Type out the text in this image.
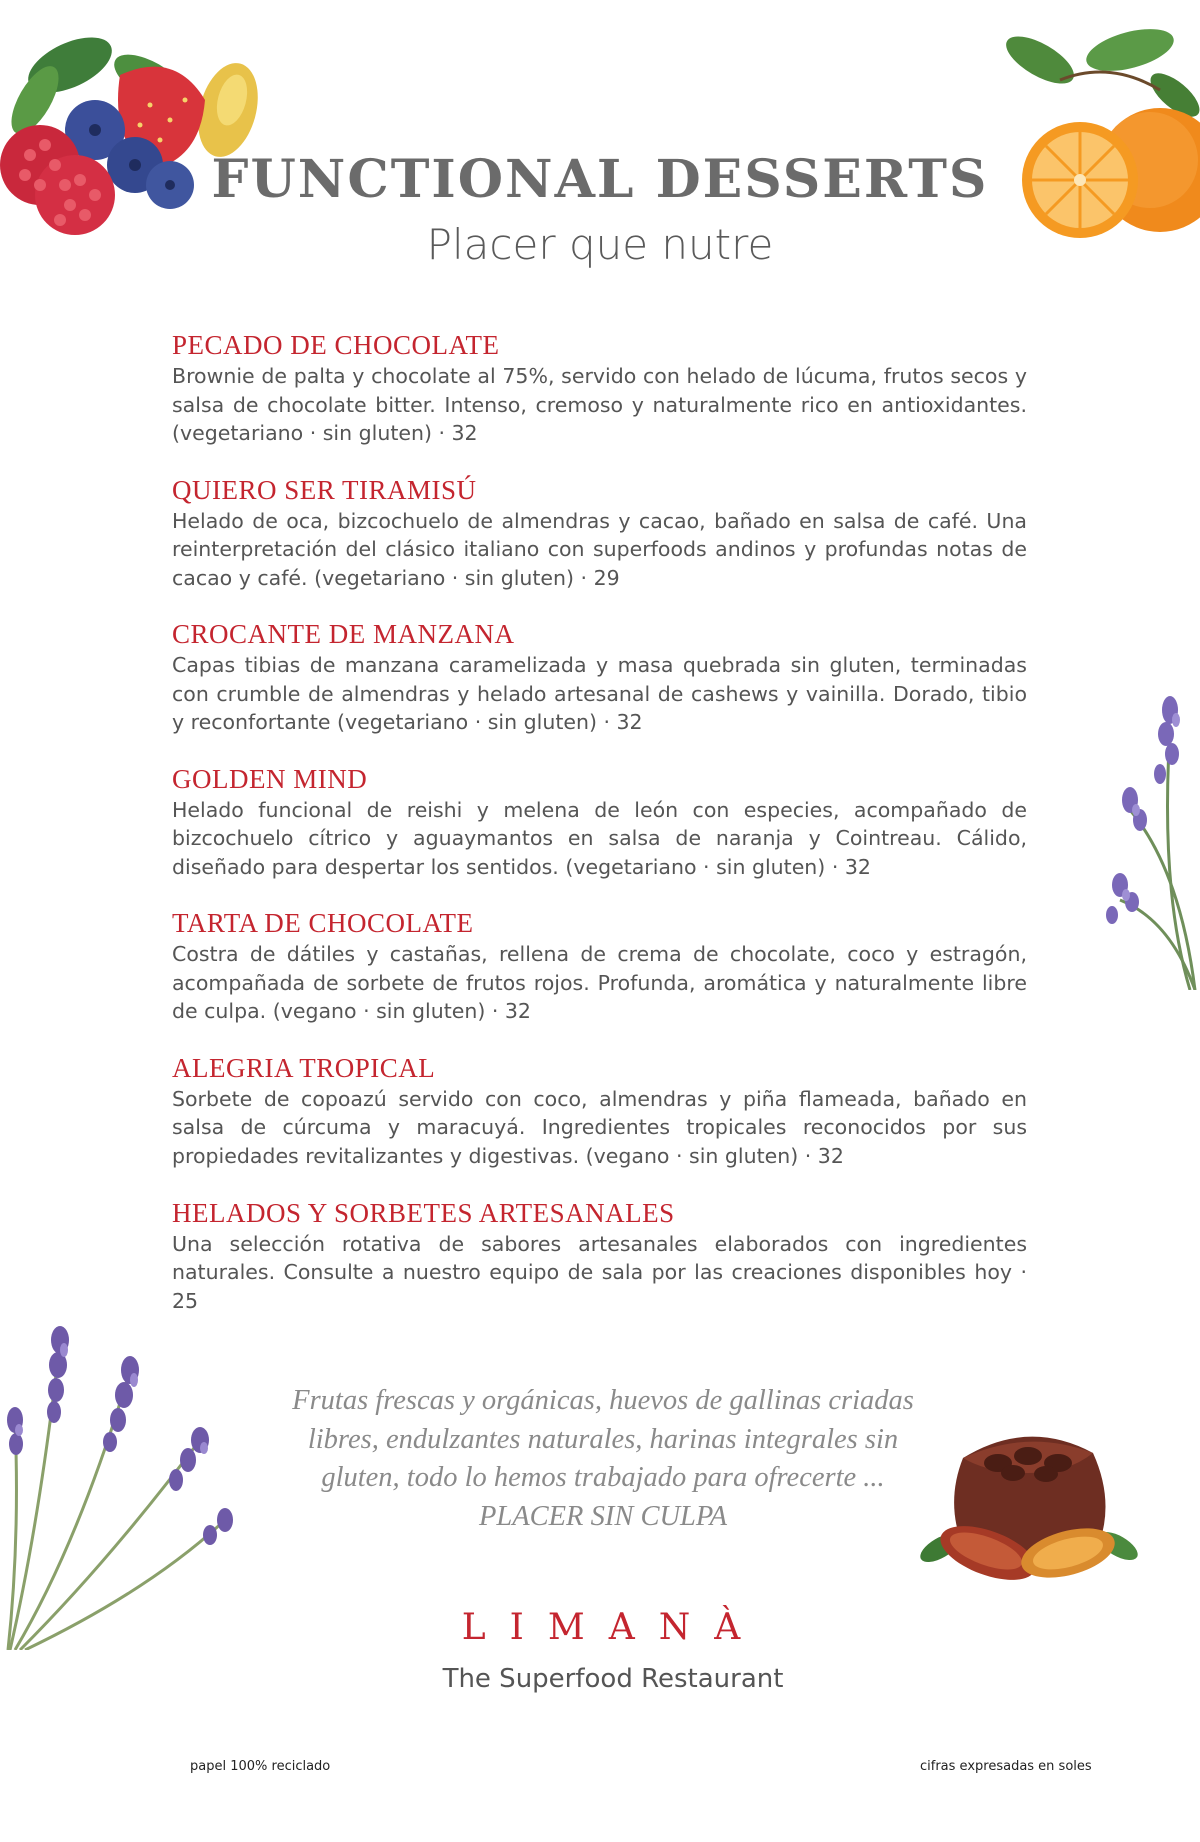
FUNCTIONAL DESSERTS
Placer que nutre
PECADO DE CHOCOLATE
Brownie de palta y chocolate al 75%, servido con helado de lúcuma, frutos secos y salsa de chocolate bitter. Intenso, cremoso y naturalmente rico en antioxidantes. (vegetariano · sin gluten) · 32
QUIERO SER TIRAMISÚ
Helado de oca, bizcochuelo de almendras y cacao, bañado en salsa de café. Una reinterpretación del clásico italiano con superfoods andinos y profundas notas de cacao y café. (vegetariano · sin gluten) · 29
CROCANTE DE MANZANA
Capas tibias de manzana caramelizada y masa quebrada sin gluten, terminadas con crumble de almendras y helado artesanal de cashews y vainilla. Dorado, tibio y reconfortante (vegetariano · sin gluten) · 32
GOLDEN MIND
Helado funcional de reishi y melena de león con especies, acompañado de bizcochuelo cítrico y aguaymantos en salsa de naranja y Cointreau. Cálido, diseñado para despertar los sentidos. (vegetariano · sin gluten) · 32
TARTA DE CHOCOLATE
Costra de dátiles y castañas, rellena de crema de chocolate, coco y estragón, acompañada de sorbete de frutos rojos. Profunda, aromática y naturalmente libre de culpa. (vegano · sin gluten) · 32
ALEGRIA TROPICAL
Sorbete de copoazú servido con coco, almendras y piña flameada, bañado en salsa de cúrcuma y maracuyá. Ingredientes tropicales reconocidos por sus propiedades revitalizantes y digestivas. (vegano · sin gluten) · 32
HELADOS Y SORBETES ARTESANALES
Una selección rotativa de sabores artesanales elaborados con ingredientes naturales. Consulte a nuestro equipo de sala por las creaciones disponibles hoy · 25
Frutas frescas y orgánicas, huevos de gallinas criadas
libres, endulzantes naturales, harinas integrales sin
gluten, todo lo hemos trabajado para ofrecerte ...
PLACER SIN CULPA
LIMANÀ
The Superfood Restaurant
papel 100% reciclado	cifras expresadas en soles
